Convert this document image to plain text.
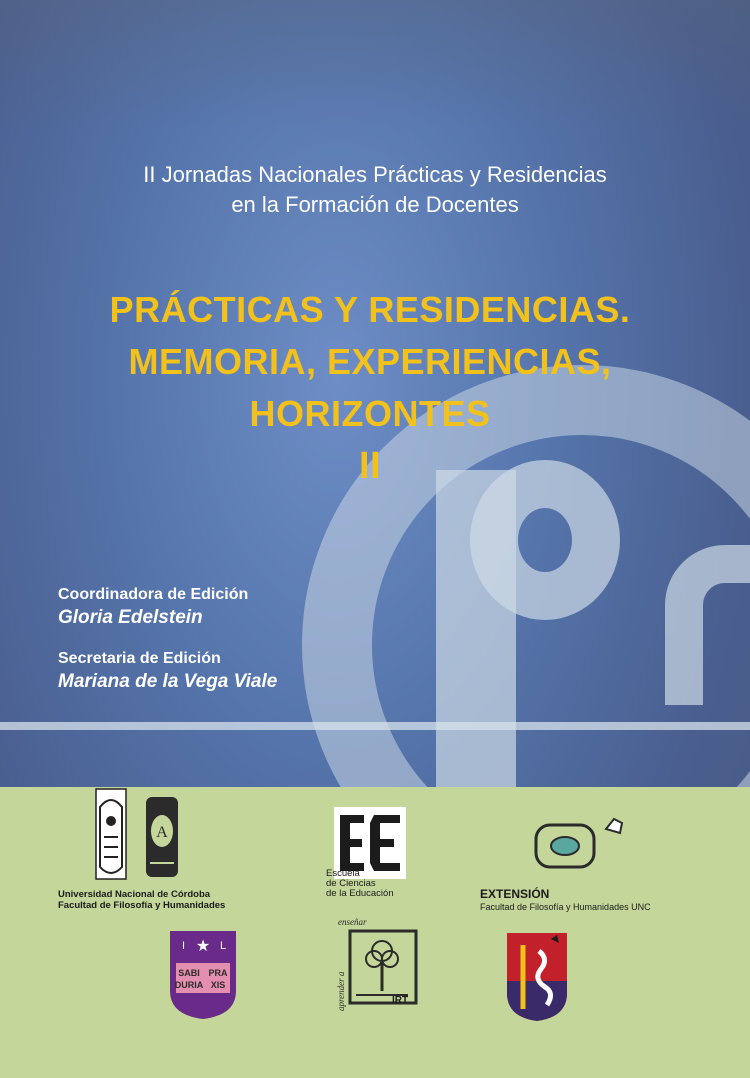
II Jornadas Nacionales Prácticas y Residencias
en la Formación de Docentes
PRÁCTICAS Y RESIDENCIAS.
MEMORIA, EXPERIENCIAS,
HORIZONTES
II
Coordinadora de Edición
Gloria Edelstein
Secretaria de Edición
Mariana de la Vega Viale
A
Universidad Nacional de Córdoba
Facultad de Filosofía y Humanidades
Escuela
de Ciencias
de la Educación	EXTENSIÓN
Facultad de Filosofía y Humanidades UNC
I	L
★
SABI PRA
DURIA XIS
enseñar
aprender a	IRT
